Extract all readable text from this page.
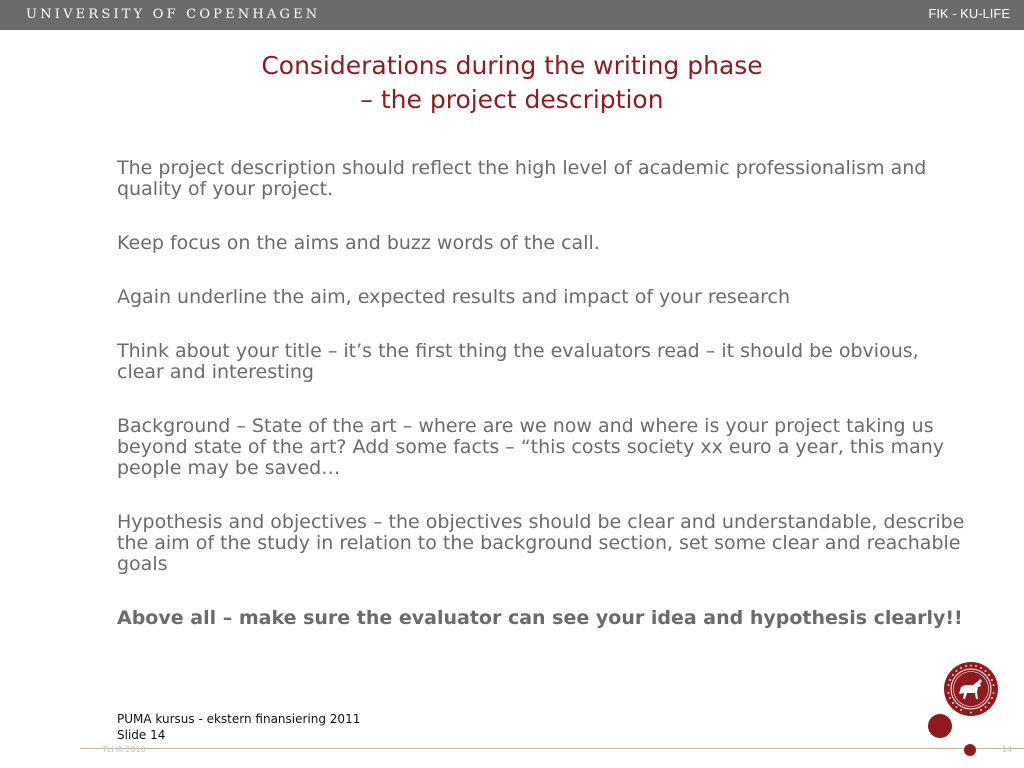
UNIVERSITY OF COPENHAGEN	FIK - KU-LIFE
Considerations during the writing phase
– the project description

The project description should reflect the high level of academic professionalism and quality of your project.

Keep focus on the aims and buzz words of the call.

Again underline the aim, expected results and impact of your research

Think about your title – it’s the first thing the evaluators read – it should be obvious, clear and interesting

Background – State of the art – where are we now and where is your project taking us beyond state of the art? Add some facts – “this costs society xx euro a year, this many people may be saved…

Hypothesis and objectives – the objectives should be clear and understandable, describe the aim of the study in relation to the background section, set some clear and reachable goals

Above all – make sure the evaluator can see your idea and hypothesis clearly!!

PUMA kursus - ekstern finansiering 2011
Slide 14
TLHA 2010	14
